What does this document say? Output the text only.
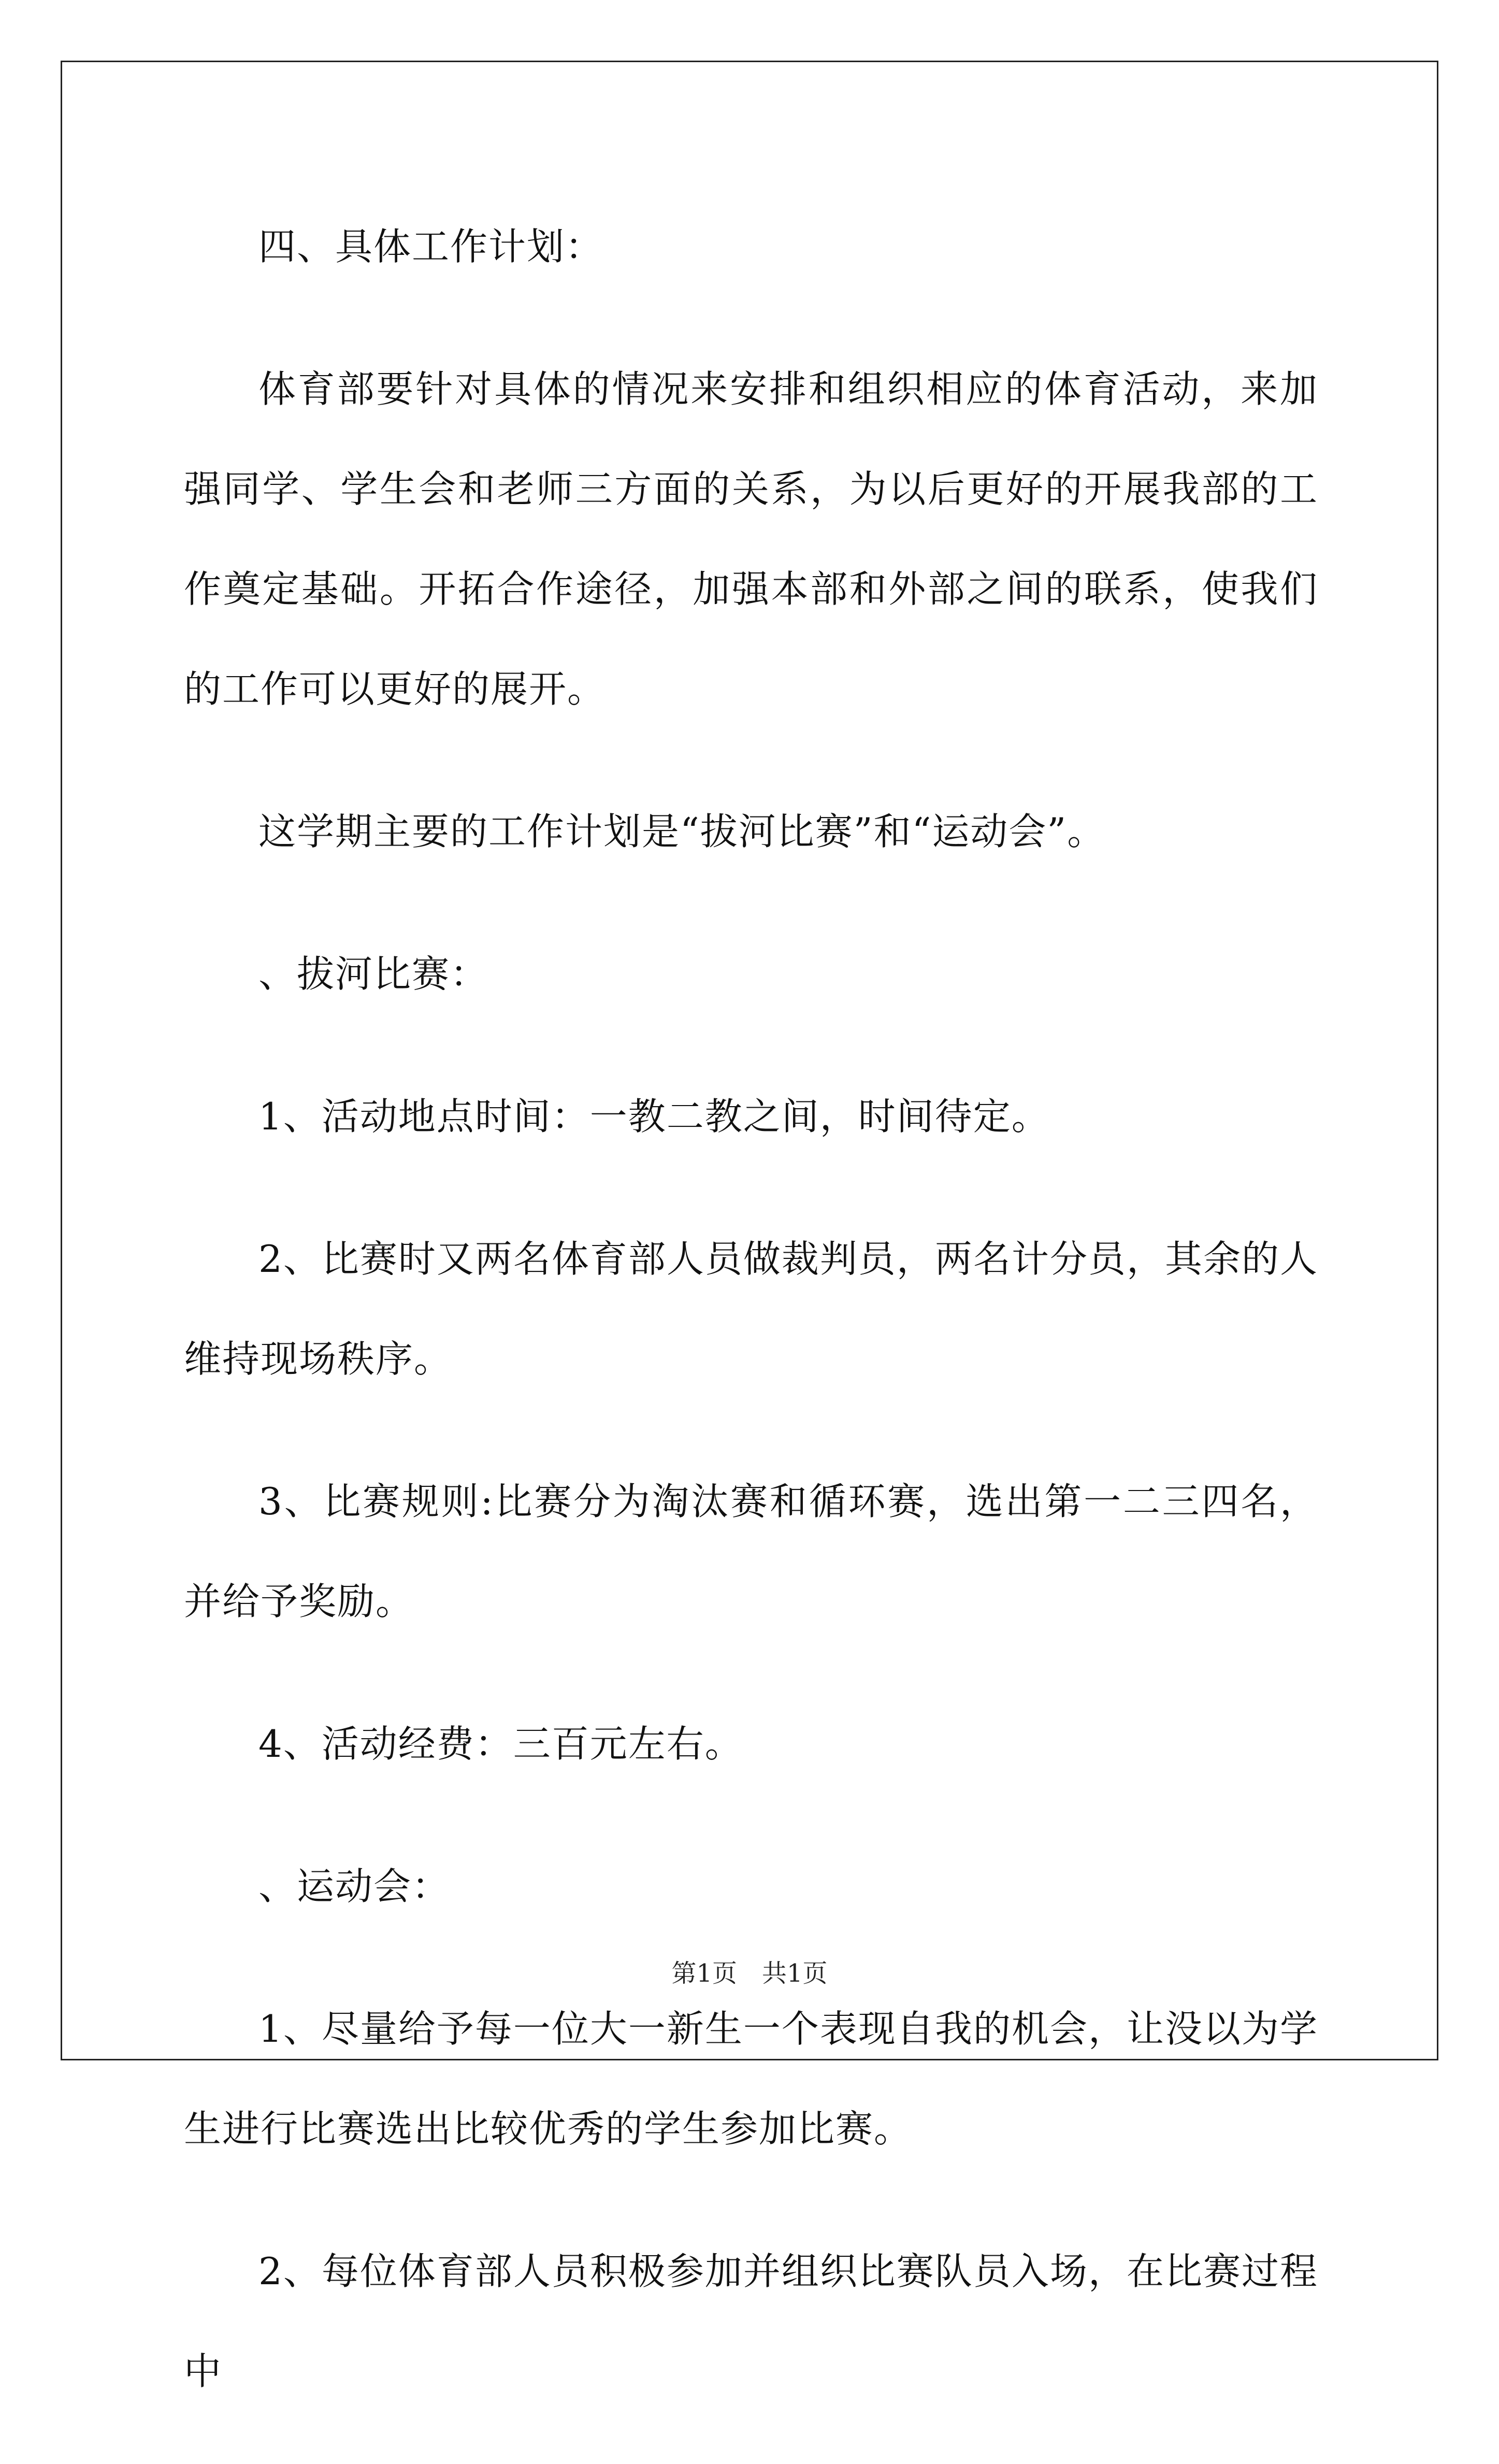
四、具体工作计划：

体育部要针对具体的情况来安排和组织相应的体育活动，来加强同学、学生会和老师三方面的关系，为以后更好的开展我部的工作奠定基础。开拓合作途径，加强本部和外部之间的联系，使我们的工作可以更好的展开。

这学期主要的工作计划是“拔河比赛”和“运动会”。

、拔河比赛：

1、活动地点时间：一教二教之间，时间待定。

2、比赛时又两名体育部人员做裁判员，两名计分员，其余的人维持现场秩序。

3、比赛规则:比赛分为淘汰赛和循环赛，选出第一二三四名，并给予奖励。

4、活动经费：三百元左右。

、运动会：

1、尽量给予每一位大一新生一个表现自我的机会，让没以为学生进行比赛选出比较优秀的学生参加比赛。

2、每位体育部人员积极参加并组织比赛队员入场，在比赛过程中

第1页　共1页
